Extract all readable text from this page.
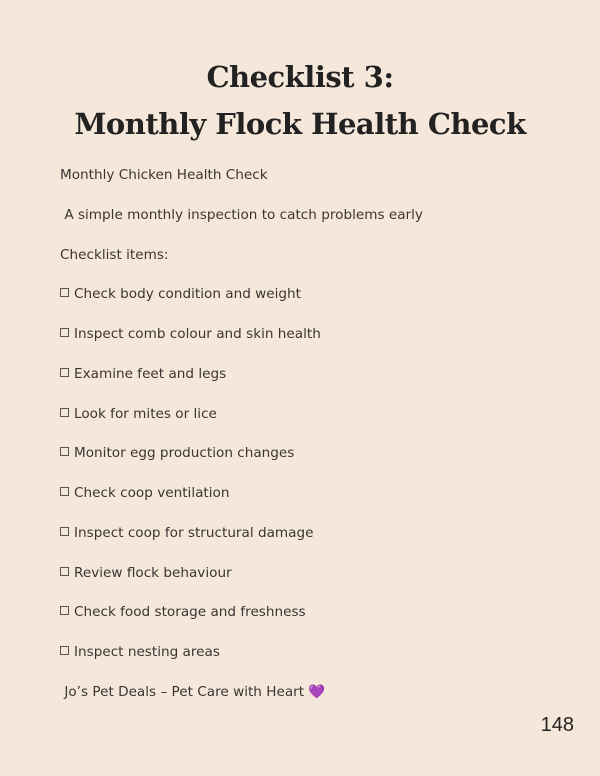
Checklist 3:
Monthly Flock Health Check
Monthly Chicken Health Check
A simple monthly inspection to catch problems early
Checklist items:
Check body condition and weight
Inspect comb colour and skin health
Examine feet and legs
Look for mites or lice
Monitor egg production changes
Check coop ventilation
Inspect coop for structural damage
Review flock behaviour
Check food storage and freshness
Inspect nesting areas
Jo’s Pet Deals – Pet Care with Heart 💜
148
